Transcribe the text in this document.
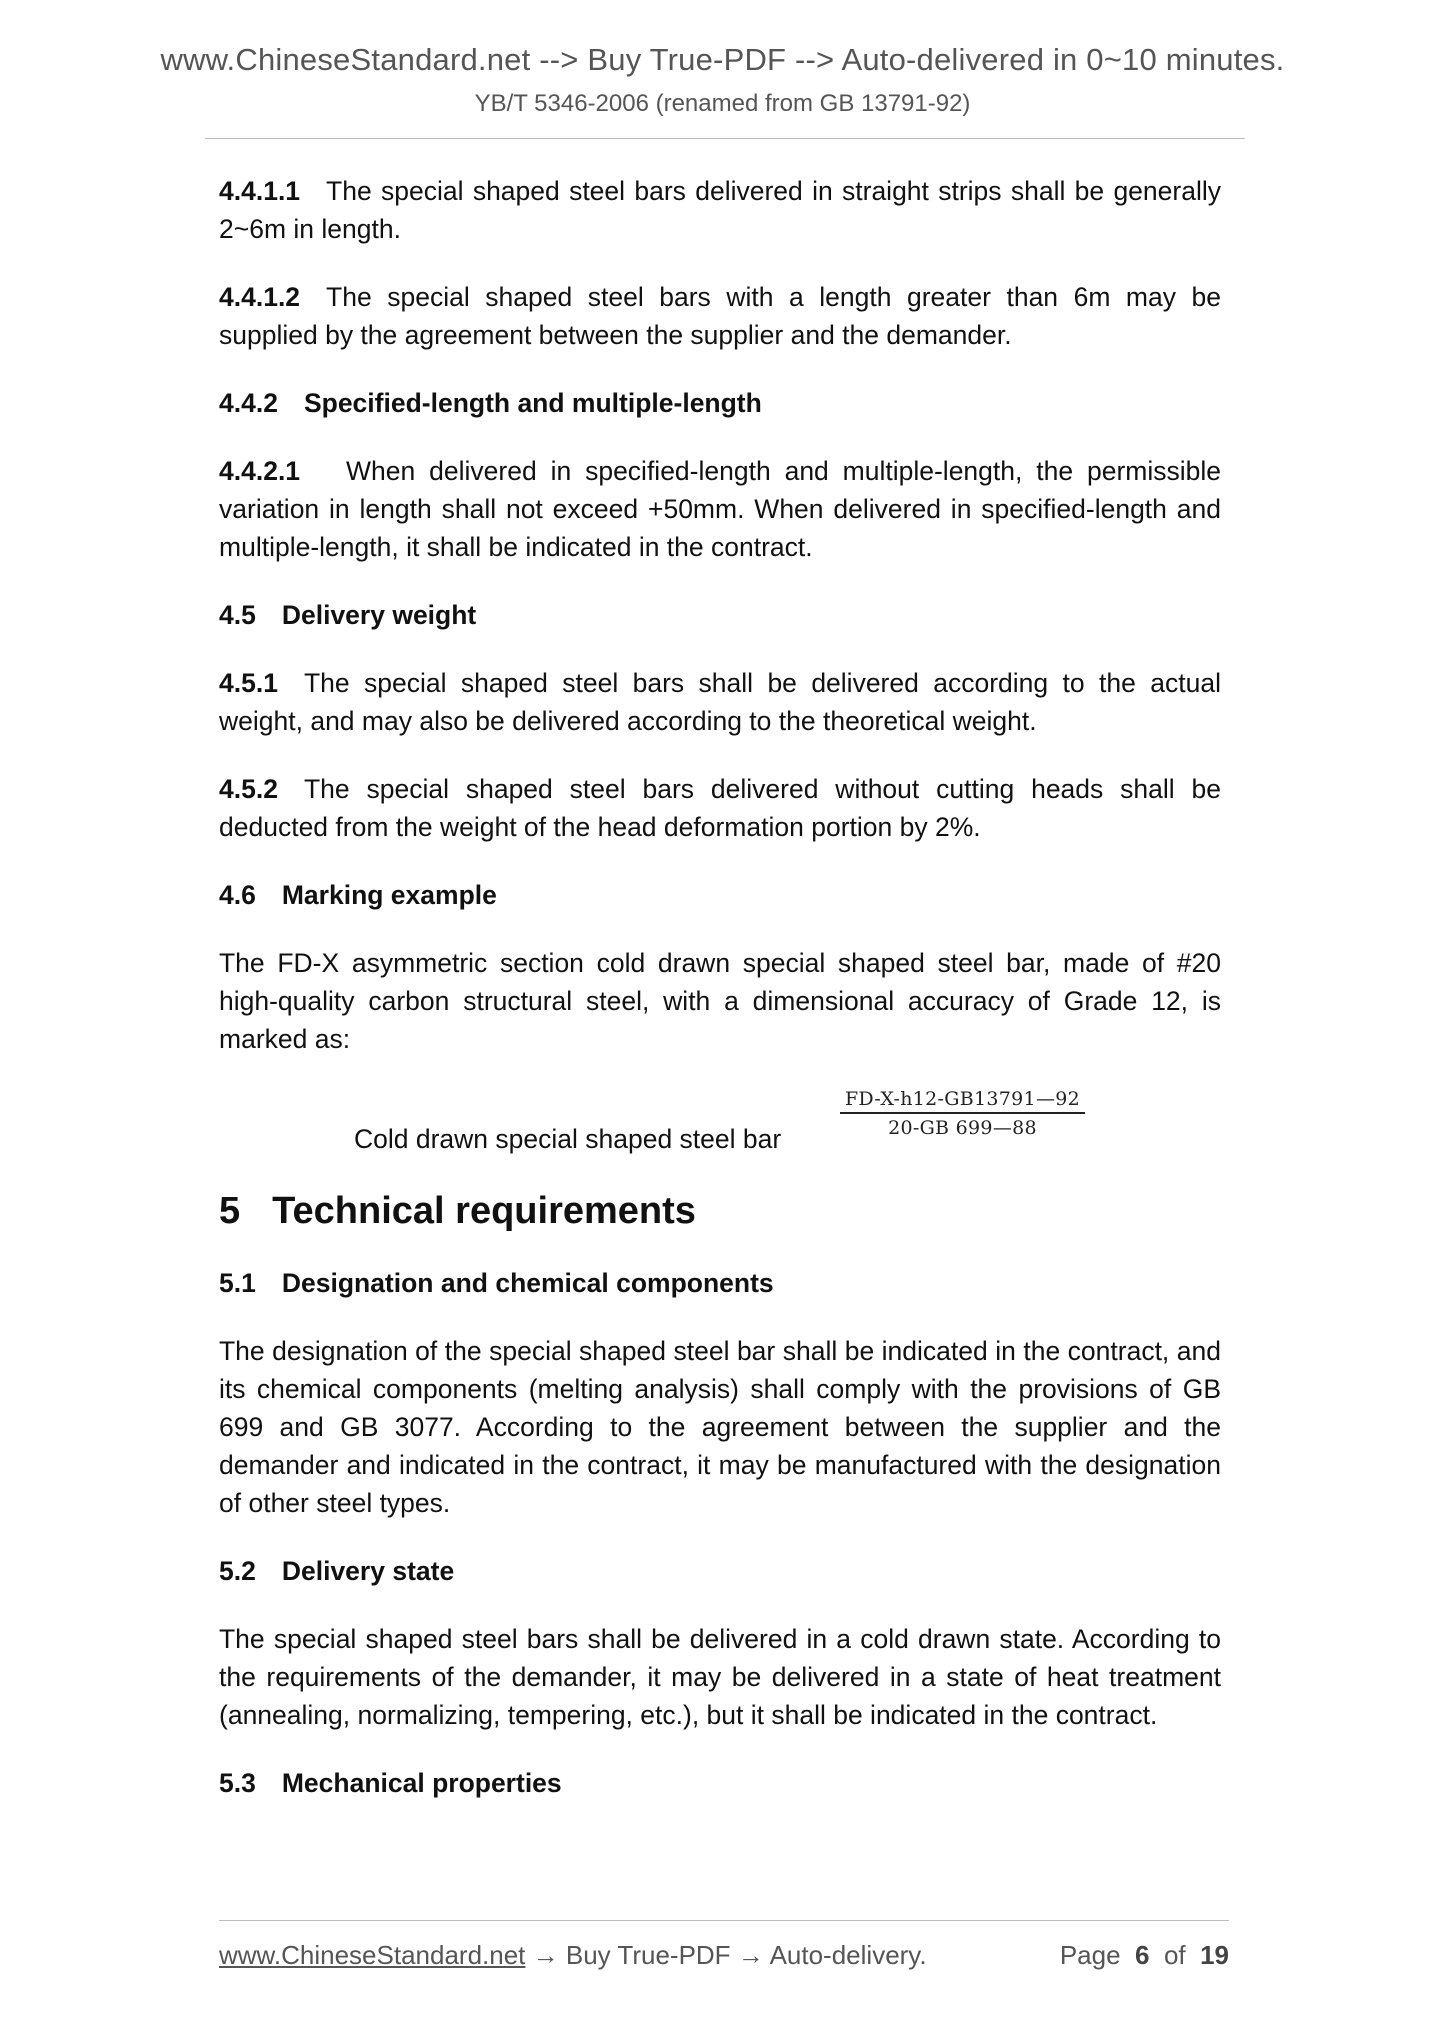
www.ChineseStandard.net --> Buy True-PDF --> Auto-delivered in 0~10 minutes.
YB/T 5346-2006 (renamed from GB 13791-92)

4.4.1.1 The special shaped steel bars delivered in straight strips shall be generally 2~6m in length.

4.4.1.2 The special shaped steel bars with a length greater than 6m may be supplied by the agreement between the supplier and the demander.

4.4.2 Specified-length and multiple-length

4.4.2.1 When delivered in specified-length and multiple-length, the permissible variation in length shall not exceed +50mm. When delivered in specified-length and multiple-length, it shall be indicated in the contract.

4.5 Delivery weight

4.5.1 The special shaped steel bars shall be delivered according to the actual weight, and may also be delivered according to the theoretical weight.

4.5.2 The special shaped steel bars delivered without cutting heads shall be deducted from the weight of the head deformation portion by 2%.

4.6 Marking example

The FD-X asymmetric section cold drawn special shaped steel bar, made of #20 high-quality carbon structural steel, with a dimensional accuracy of Grade 12, is marked as:

Cold drawn special shaped steel bar	$\frac{FD-X-h12-GB13791—92}{20-GB 699—88}$
5 Technical requirements

5.1 Designation and chemical components

The designation of the special shaped steel bar shall be indicated in the contract, and its chemical components (melting analysis) shall comply with the provisions of GB 699 and GB 3077. According to the agreement between the supplier and the demander and indicated in the contract, it may be manufactured with the designation of other steel types.

5.2 Delivery state

The special shaped steel bars shall be delivered in a cold drawn state. According to the requirements of the demander, it may be delivered in a state of heat treatment (annealing, normalizing, tempering, etc.), but it shall be indicated in the contract.

5.3 Mechanical properties

www.ChineseStandard.net → Buy True-PDF → Auto-delivery.	Page 6 of 19
